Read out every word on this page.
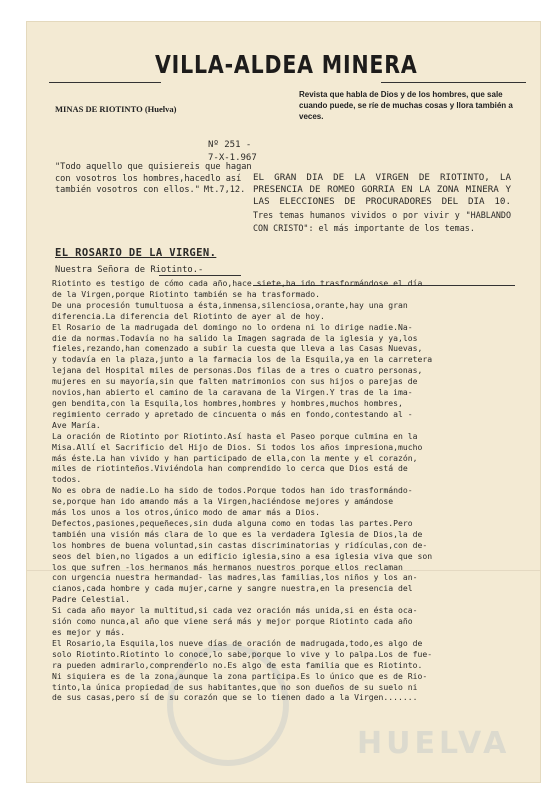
VILLA-ALDEA MINERA
MINAS DE RIOTINTO (Huelva)
Revista que habla de Dios y de los hombres, que sale cuando puede, se ríe de muchas cosas y llora también a veces.
Nº 251 -
7-X-1.967
"Todo aquello que quisiereis que hagan con vosotros los hombres,hacedlo así también vosotros con ellos." Mt.7,12.
EL GRAN DIA DE LA VIRGEN DE RIOTINTO, LA PRESENCIA DE ROMEO GORRIA EN LA ZONA MINERA Y LAS ELECCIONES DE PROCURADORES DEL DIA 10. Tres temas humanos vividos o por vivir y "HABLANDO CON CRISTO": el más importante de los temas.
EL ROSARIO DE LA VIRGEN.
Nuestra Señora de Riotinto.-
HUELVA
Riotinto es testigo de cómo cada año,hace siete,ha ido trasformándose el día
de la Virgen,porque Riotinto también se ha trasformado.
De una procesión tumultuosa a ésta,inmensa,silenciosa,orante,hay una gran
diferencia.La diferencia del Riotinto de ayer al de hoy.
El Rosario de la madrugada del domingo no lo ordena ni lo dirige nadie.Na-
die da normas.Todavía no ha salido la Imagen sagrada de la iglesia y ya,los
fieles,rezando,han comenzado a subir la cuesta que lleva a las Casas Nuevas,
y todavía en la plaza,junto a la farmacia los de la Esquila,ya en la carretera
lejana del Hospital miles de personas.Dos filas de a tres o cuatro personas,
mujeres en su mayoría,sin que falten matrimonios con sus hijos o parejas de
novios,han abierto el camino de la caravana de la Virgen.Y tras de la ima-
gen bendita,con la Esquila,los hombres,hombres y hombres,muchos hombres,
regimiento cerrado y apretado de cincuenta o más en fondo,contestando al -
Ave María.
La oración de Riotinto por Riotinto.Así hasta el Paseo porque culmina en la
Misa.Allí el Sacrificio del Hijo de Dios. Si todos los años impresiona,mucho
más éste.La han vivido y han participado de ella,con la mente y el corazón,
miles de riotinteños.Viviéndola han comprendido lo cerca que Dios está de
todos.
No es obra de nadie.Lo ha sido de todos.Porque todos han ido trasformándo-
se,porque han ido amando más a la Virgen,haciéndose mejores y amándose
más los unos a los otros,único modo de amar más a Dios.
Defectos,pasiones,pequeñeces,sin duda alguna como en todas las partes.Pero
también una visión más clara de lo que es la verdadera Iglesia de Dios,la de
los hombres de buena voluntad,sin castas discriminatorias y ridículas,con de-
seos del bien,no ligados a un edificio iglesia,sino a esa iglesia viva que son
los que sufren -los hermanos más hermanos nuestros porque ellos reclaman
con urgencia nuestra hermandad- las madres,las familias,los niños y los an-
cianos,cada hombre y cada mujer,carne y sangre nuestra,en la presencia del
Padre Celestial.
Si cada año mayor la multitud,si cada vez oración más unida,si en ésta oca-
sión como nunca,al año que viene será más y mejor porque Riotinto cada año
es mejor y más.
El Rosario,la Esquila,los nueve días de oración de madrugada,todo,es algo de
solo Riotinto.Riotinto lo conoce,lo sabe,porque lo vive y lo palpa.Los de fue-
ra pueden admirarlo,comprenderlo no.Es algo de esta familia que es Riotinto.
Ni siquiera es de la zona,aunque la zona participa.Es lo único que es de Rio-
tinto,la única propiedad de sus habitantes,que no son dueños de su suelo ni
de sus casas,pero sí de su corazón que se lo tienen dado a la Virgen.......
